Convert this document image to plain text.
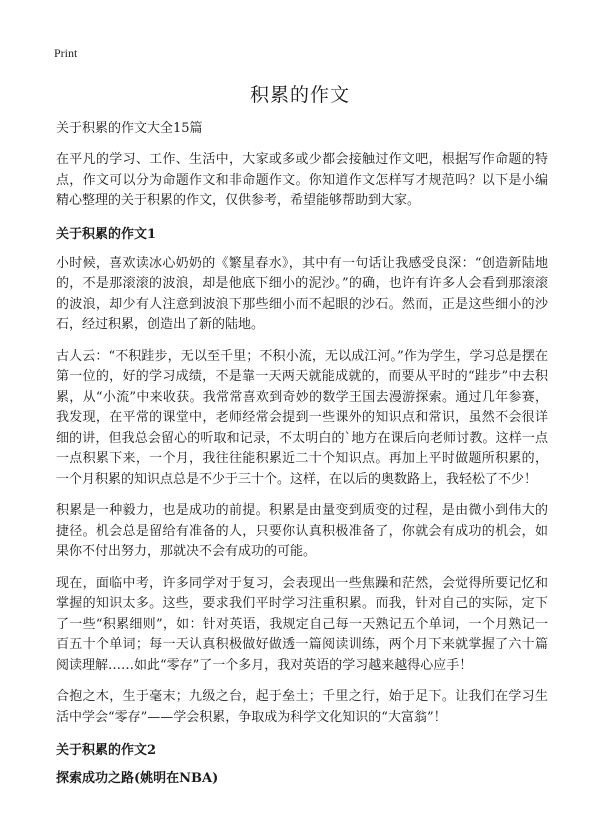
Print
积累的作文

关于积累的作文大全15篇

在平凡的学习、工作、生活中，大家或多或少都会接触过作文吧，根据写作命题的特点，作文可以分为命题作文和非命题作文。你知道作文怎样写才规范吗？以下是小编精心整理的关于积累的作文，仅供参考，希望能够帮助到大家。

关于积累的作文1

小时候，喜欢读冰心奶奶的《繁星春水》，其中有一句话让我感受良深：“创造新陆地的，不是那滚滚的波浪，却是他底下细小的泥沙。”的确，也许有许多人会看到那滚滚的波浪，却少有人注意到波浪下那些细小而不起眼的沙石。然而，正是这些细小的沙石，经过积累，创造出了新的陆地。

古人云：“不积跬步，无以至千里；不积小流，无以成江河。”作为学生，学习总是摆在第一位的，好的学习成绩，不是靠一天两天就能成就的，而要从平时的“跬步”中去积累，从“小流”中来收获。我常常喜欢到奇妙的数学王国去漫游探索。通过几年参赛，我发现，在平常的课堂中，老师经常会提到一些课外的知识点和常识，虽然不会很详细的讲，但我总会留心的听取和记录，不太明白的`地方在课后向老师讨教。这样一点一点积累下来，一个月，我往往能积累近二十个知识点。再加上平时做题所积累的，一个月积累的知识点总是不少于三十个。这样，在以后的奥数路上，我轻松了不少！

积累是一种毅力，也是成功的前提。积累是由量变到质变的过程，是由微小到伟大的捷径。机会总是留给有准备的人，只要你认真积极准备了，你就会有成功的机会，如果你不付出努力，那就决不会有成功的可能。

现在，面临中考，许多同学对于复习，会表现出一些焦躁和茫然，会觉得所要记忆和掌握的知识太多。这些，要求我们平时学习注重积累。而我，针对自己的实际，定下了一些“积累细则”，如：针对英语，我规定自己每一天熟记五个单词，一个月熟记一百五十个单词；每一天认真积极做好做透一篇阅读训练，两个月下来就掌握了六十篇阅读理解……如此“零存”了一个多月，我对英语的学习越来越得心应手！

合抱之木，生于毫末；九级之台，起于垒土；千里之行，始于足下。让我们在学习生活中学会“零存”——学会积累，争取成为科学文化知识的“大富翁”！

关于积累的作文2
探索成功之路(姚明在NBA)
